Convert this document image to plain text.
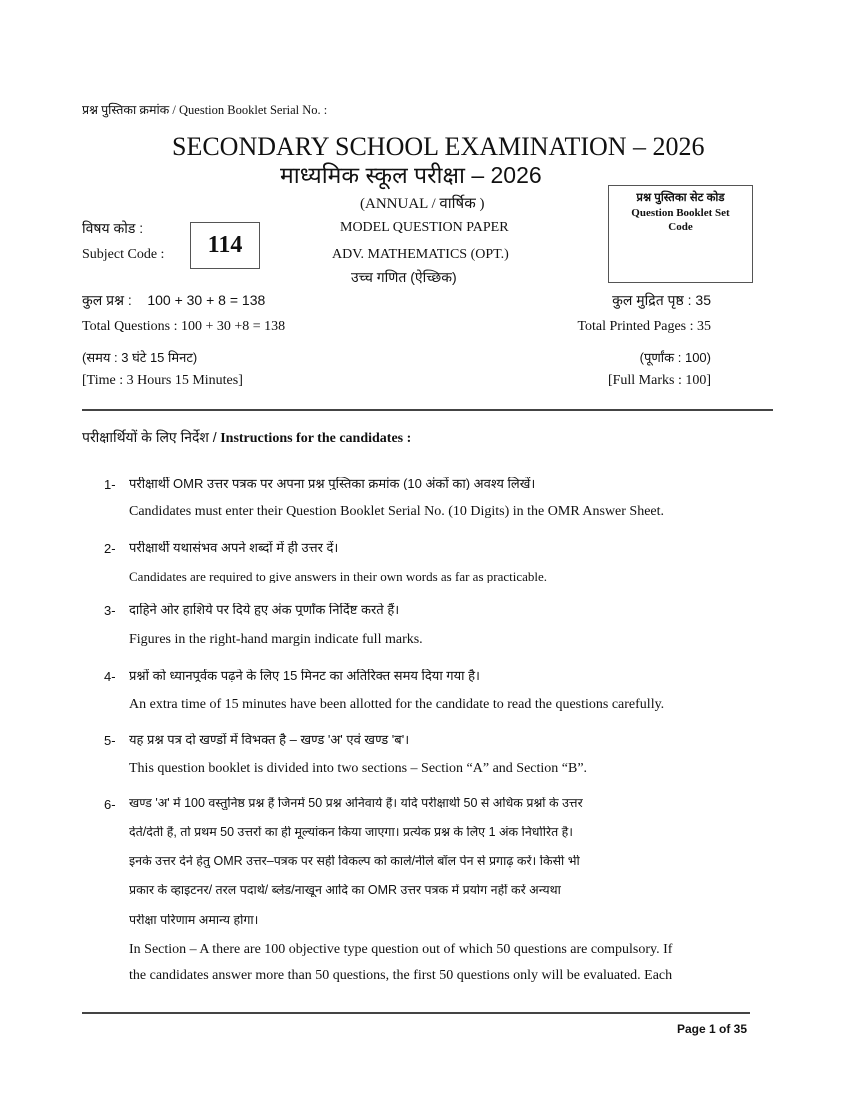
प्रश्न पुस्तिका क्रमांक / Question Booklet Serial No. :
SECONDARY SCHOOL EXAMINATION – 2026
माध्यमिक स्कूल परीक्षा – 2026
(ANNUAL / वार्षिक )	प्रश्न पुस्तिका सेट कोड
Question Booklet Set Code
विषय कोड :
Subject Code : 114
MODEL QUESTION PAPER
ADV. MATHEMATICS (OPT.)
उच्च गणित (ऐच्छिक)
कुल प्रश्न :    100 + 30 + 8 = 138
Total Questions : 100 + 30 +8 = 138
कुल मुद्रित पृष्ठ : 35
Total Printed Pages : 35
(समय : 3 घंटे 15 मिनट)
[Time : 3 Hours 15 Minutes]
(पूर्णांक : 100)
[Full Marks : 100]
परीक्षार्थियों के लिए निर्देश / Instructions for the candidates :
1- परीक्षार्थी OMR उत्तर पत्रक पर अपना प्रश्न पुस्तिका क्रमांक (10 अंकों का) अवश्य लिखें।
Candidates must enter their Question Booklet Serial No. (10 Digits) in the OMR Answer Sheet.
2- परीक्षार्थी यथासंभव अपने शब्दों में ही उत्तर दें।
Candidates are required to give answers in their own words as far as practicable.
3- दाहिने ओर हाशिये पर दिये हुए अंक पूर्णांक निर्दिष्ट करते हैं।
Figures in the right-hand margin indicate full marks.
4- प्रश्नों को ध्यानपूर्वक पढ़ने के लिए 15 मिनट का अतिरिक्त समय दिया गया है।
An extra time of 15 minutes have been allotted for the candidate to read the questions carefully.
5- यह प्रश्न पत्र दो खण्डों में विभक्त है – खण्ड 'अ' एवं खण्ड 'ब'।
This question booklet is divided into two sections – Section “A” and Section “B”.
6- खण्ड 'अ' में 100 वस्तुनिष्ठ प्रश्न हैं जिनमें 50 प्रश्न अनिवार्य हैं। यदि परीक्षार्थी 50 से अधिक प्रश्नों के उत्तर
देते/देती हैं, तो प्रथम 50 उत्तरों का ही मूल्यांकन किया जाएगा। प्रत्येक प्रश्न के लिए 1 अंक निर्धारित है।
इनके उत्तर देने हेतु OMR उत्तर–पत्रक पर सही विकल्प को काले/नीले बॉल पेन से प्रगाढ़ करें। किसी भी
प्रकार के व्हाइटनर/ तरल पदार्थ/ ब्लेड/नाखून आदि का OMR उत्तर पत्रक में प्रयोग नहीं करें अन्यथा
परीक्षा परिणाम अमान्य होगा।
In Section – A there are 100 objective type question out of which 50 questions are compulsory. If
the candidates answer more than 50 questions, the first 50 questions only will be evaluated. Each
Page 1 of 35
